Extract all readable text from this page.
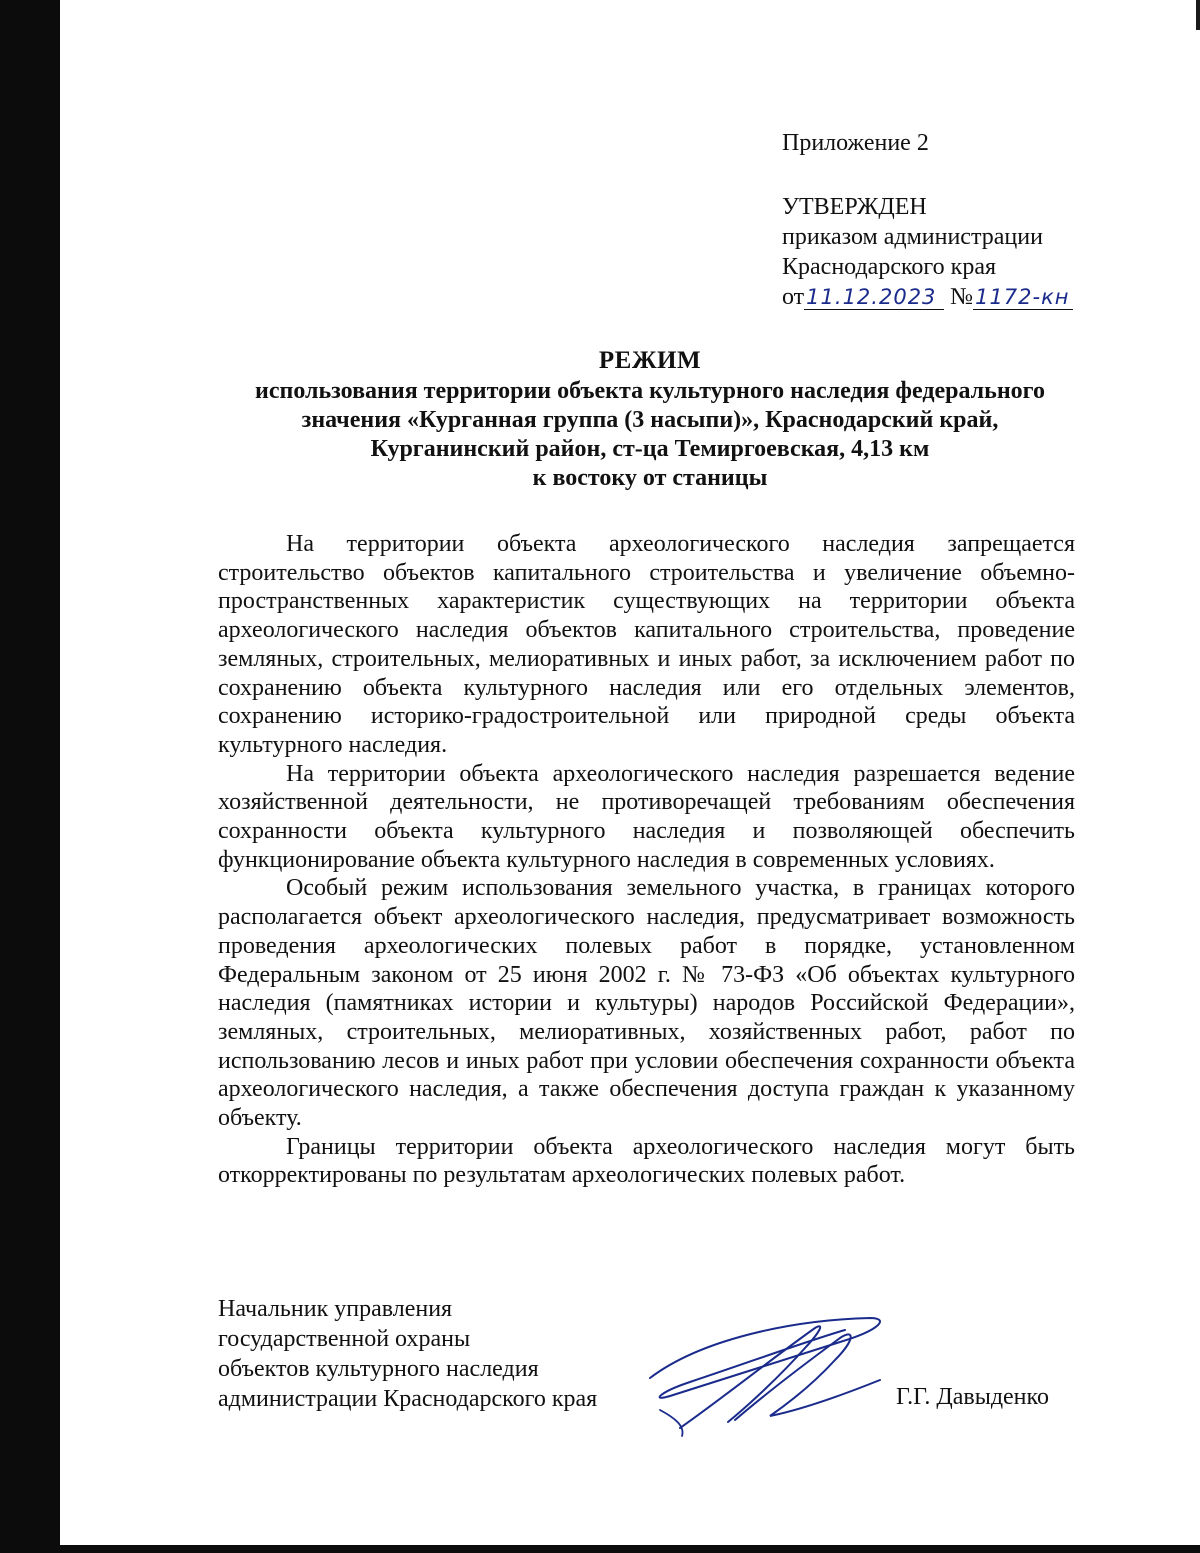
Приложение 2
УТВЕРЖДЕН
приказом администрации
Краснодарского края
от11.12.2023 №1172-кн
РЕЖИМ
использования территории объекта культурного наследия федерального
значения «Курганная группа (3 насыпи)», Краснодарский край,
Курганинский район, ст-ца Темиргоевская, 4,13 км
к востоку от станицы

На территории объекта археологического наследия запрещается строительство объектов капитального строительства и увеличение объемно-пространственных характеристик существующих на территории объекта археологического наследия объектов капитального строительства, проведение земляных, строительных, мелиоративных и иных работ, за исключением работ по сохранению объекта культурного наследия или его отдельных элементов, сохранению историко-градостроительной или природной среды объекта культурного наследия.

На территории объекта археологического наследия разрешается ведение хозяйственной деятельности, не противоречащей требованиям обеспечения сохранности объекта культурного наследия и позволяющей обеспечить функционирование объекта культурного наследия в современных условиях.

Особый режим использования земельного участка, в границах которого располагается объект археологического наследия, предусматривает возможность проведения археологических полевых работ в порядке, установленном Федеральным законом от 25 июня 2002 г. № 73-ФЗ «Об объектах культурного наследия (памятниках истории и культуры) народов Российской Федерации», земляных, строительных, мелиоративных, хозяйственных работ, работ по использованию лесов и иных работ при условии обеспечения сохранности объекта археологического наследия, а также обеспечения доступа граждан к указанному объекту.

Границы территории объекта археологического наследия могут быть откорректированы по результатам археологических полевых работ.

Начальник управления
государственной охраны
объектов культурного наследия
администрации Краснодарского края	Г.Г. Давыденко
